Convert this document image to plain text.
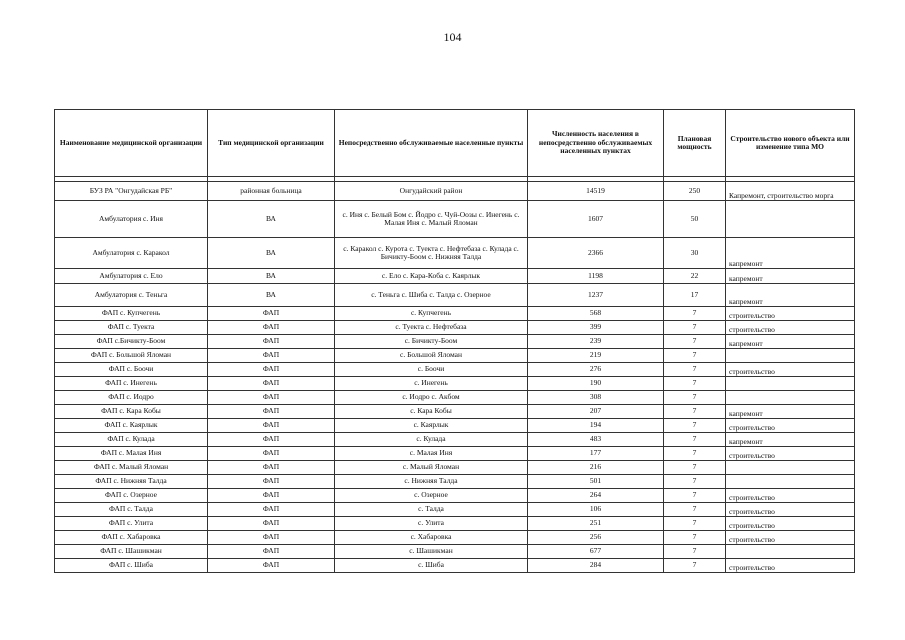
104
Наименование медицинской организации	Тип медицинской организации	Непосредственно обслуживаемые населенные пункты	Численность населения в непосредственно обслуживаемых населенных пунктах	Плановая мощность	Строительство нового объекта или изменение типа МО

БУЗ РА "Онгудайская РБ"	районная больница	Онгудайский район	14519	250	Капремонт, строительство морга
Амбулатория с. Иня	ВА	с. Иня с. Белый Бом с. Йодро с. Чуй-Оозы с. Инегень с. Малая Иня с. Малый Яломан	1607	50	
Амбулатория с. Каракол	ВА	с. Каракол с. Курота с. Туекта с. Нефтебаза с. Кулада с. Бичикту-Боом с. Нижняя Талда	2366	30	капремонт
Амбулатория с. Ело	ВА	с. Ело с. Кара-Коба с. Каярлык	1198	22	капремонт
Амбулатория с. Теньга	ВА	с. Теньга с. Шиба с. Талда с. Озерное	1237	17	капремонт
ФАП с. Купчегень	ФАП	с. Купчегень	568	7	строительство
ФАП с. Туекта	ФАП	с. Туекта с. Нефтебаза	399	7	строительство
ФАП с.Бичикту-Боом	ФАП	с. Бичикту-Боом	239	7	капремонт
ФАП с. Большой Яломан	ФАП	с. Большой Яломан	219	7	
ФАП с. Боочи	ФАП	с. Боочи	276	7	строительство
ФАП с. Инегень	ФАП	с. Инегень	190	7	
ФАП с. Иодро	ФАП	с. Иодро с. Акбом	308	7	
ФАП с. Кара Кобы	ФАП	с. Кара Кобы	207	7	капремонт
ФАП с. Каярлык	ФАП	с. Каярлык	194	7	строительство
ФАП с. Кулада	ФАП	с. Кулада	483	7	капремонт
ФАП с. Малая Иня	ФАП	с. Малая Иня	177	7	строительство
ФАП с. Малый Яломан	ФАП	с. Малый Яломан	216	7	
ФАП с. Нижняя Талда	ФАП	с. Нижняя Талда	501	7	
ФАП с. Озерное	ФАП	с. Озерное	264	7	строительство
ФАП с. Талда	ФАП	с. Талда	106	7	строительство
ФАП с. Улита	ФАП	с. Улита	251	7	строительство
ФАП с. Хабаровка	ФАП	с. Хабаровка	256	7	строительство
ФАП с. Шашикман	ФАП	с. Шашикман	677	7	
ФАП с. Шиба	ФАП	с. Шиба	284	7	строительство
